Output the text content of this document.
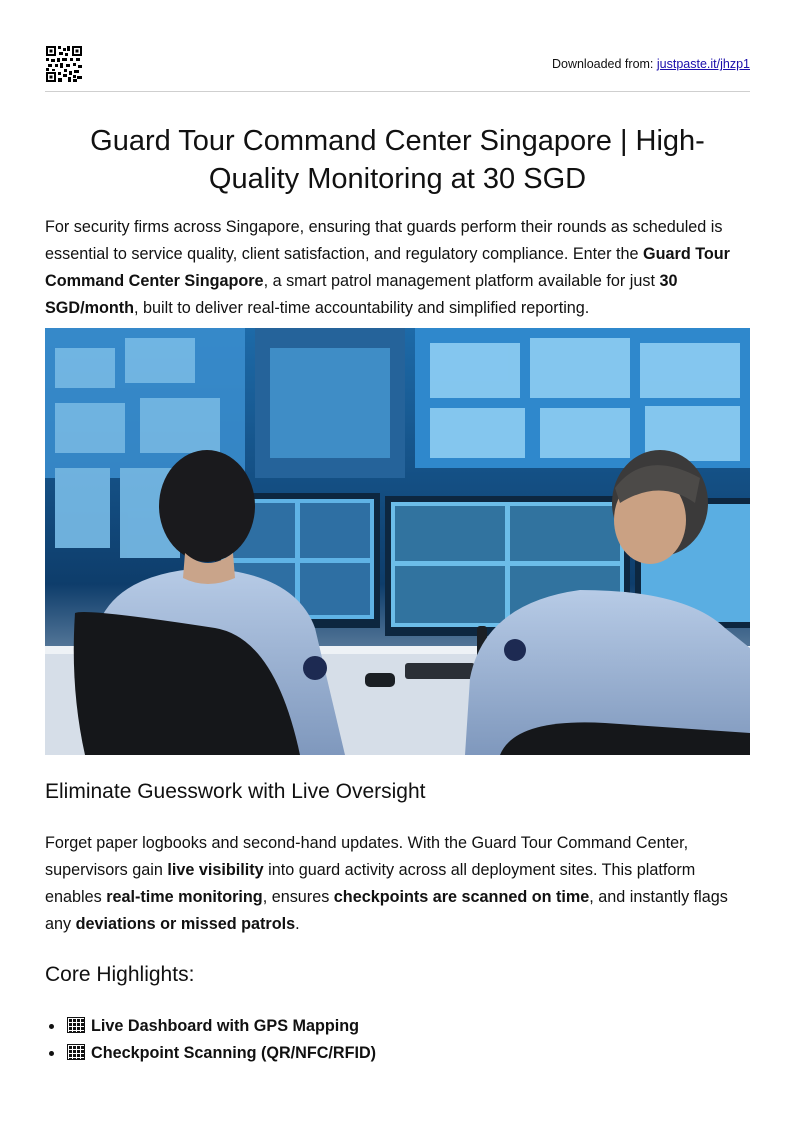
Downloaded from: justpaste.it/jhzp1
Guard Tour Command Center Singapore | High-Quality Monitoring at 30 SGD

For security firms across Singapore, ensuring that guards perform their rounds as scheduled is essential to service quality, client satisfaction, and regulatory compliance. Enter the Guard Tour Command Center Singapore, a smart patrol management platform available for just 30 SGD/month, built to deliver real-time accountability and simplified reporting.

Eliminate Guesswork with Live Oversight

Forget paper logbooks and second-hand updates. With the Guard Tour Command Center, supervisors gain live visibility into guard activity across all deployment sites. This platform enables real-time monitoring, ensures checkpoints are scanned on time, and instantly flags any deviations or missed patrols.

Core Highlights:
• Live Dashboard with GPS Mapping
• Checkpoint Scanning (QR/NFC/RFID)
